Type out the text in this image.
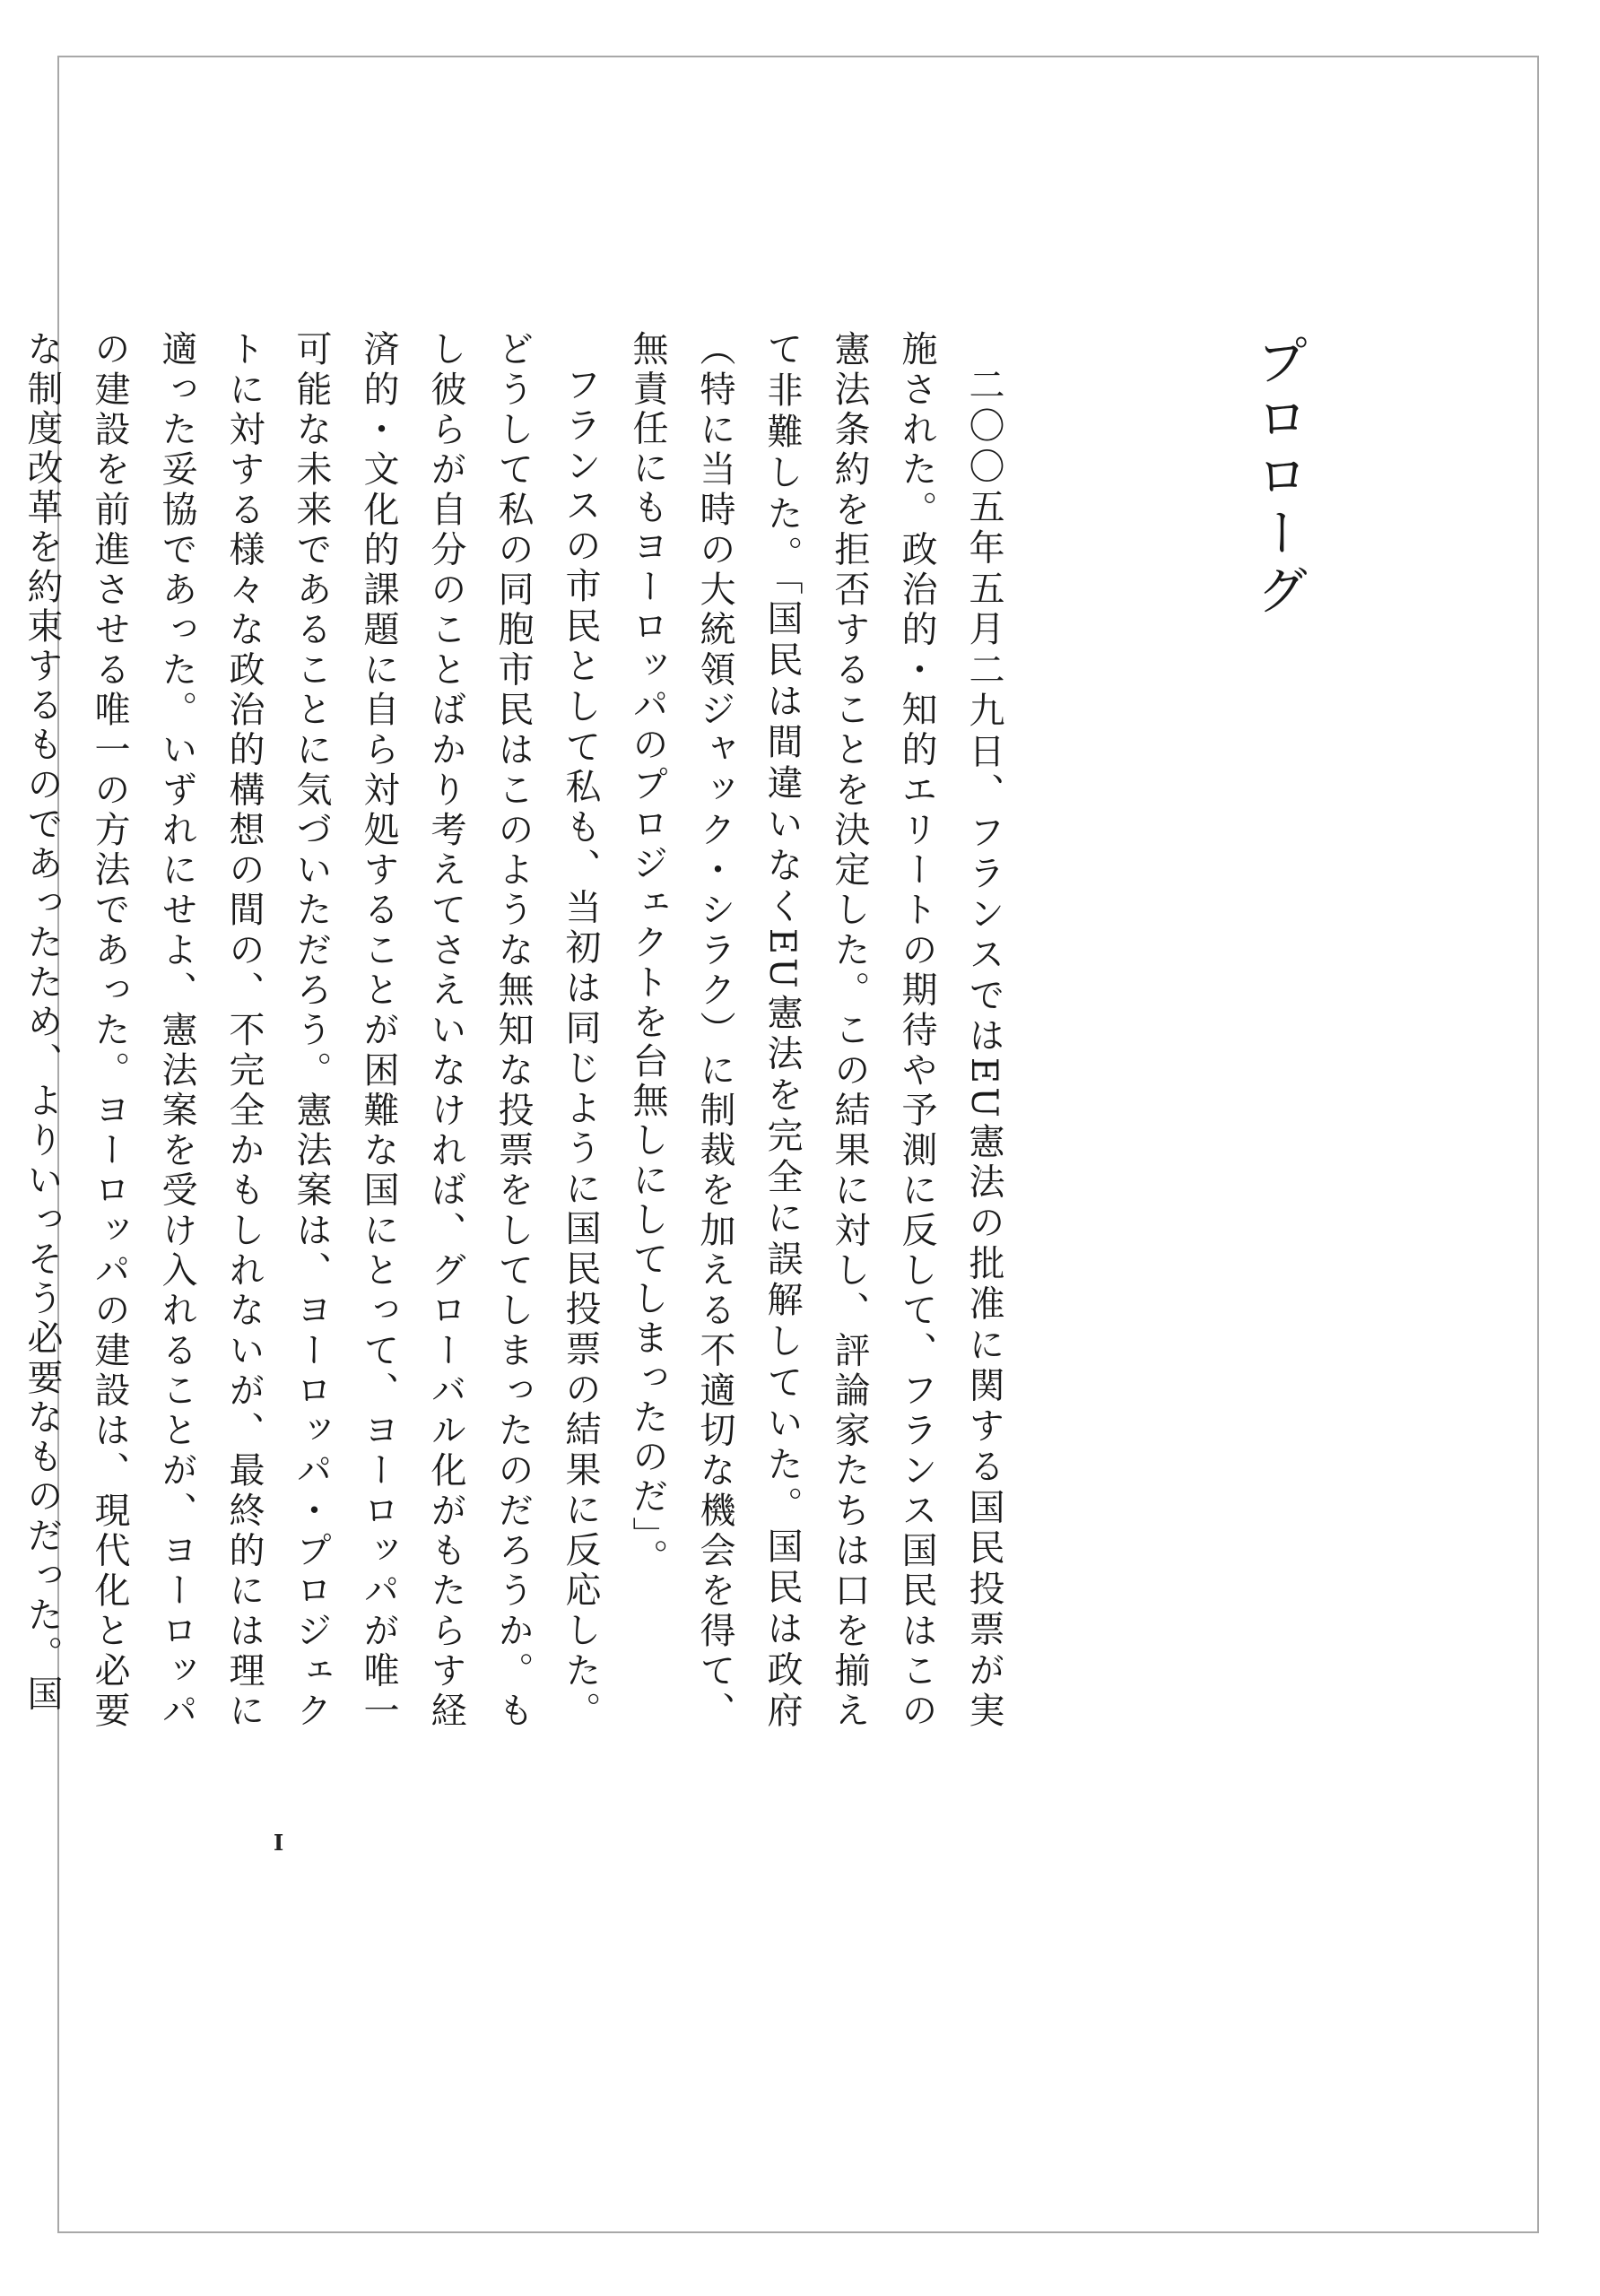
プロローグ

二〇〇五年五月二九日、フランスではEU憲法の批准に関する国民投票が実施された。政治的・知的エリートの期待や予測に反して、フランス国民はこの憲法条約を拒否することを決定した。この結果に対し、評論家たちは口を揃えて非難した。「国民は間違いなくEU憲法を完全に誤解していた。国民は政府（特に当時の大統領ジャック・シラク）に制裁を加える不適切な機会を得て、無責任にもヨーロッパのプロジェクトを台無しにしてしまったのだ」。

フランスの市民として私も、当初は同じように国民投票の結果に反応した。どうして私の同胞市民はこのような無知な投票をしてしまったのだろうか。もし彼らが自分のことばかり考えてさえいなければ、グローバル化がもたらす経済的・文化的課題に自ら対処することが困難な国にとって、ヨーロッパが唯一可能な未来であることに気づいただろう。憲法案は、ヨーロッパ・プロジェクトに対する様々な政治的構想の間の、不完全かもしれないが、最終的には理に適った妥協であった。いずれにせよ、憲法案を受け入れることが、ヨーロッパの建設を前進させる唯一の方法であった。ヨーロッパの建設は、現代化と必要な制度改革を約束するものであったため、よりいっそう必要なものだった。国

I
